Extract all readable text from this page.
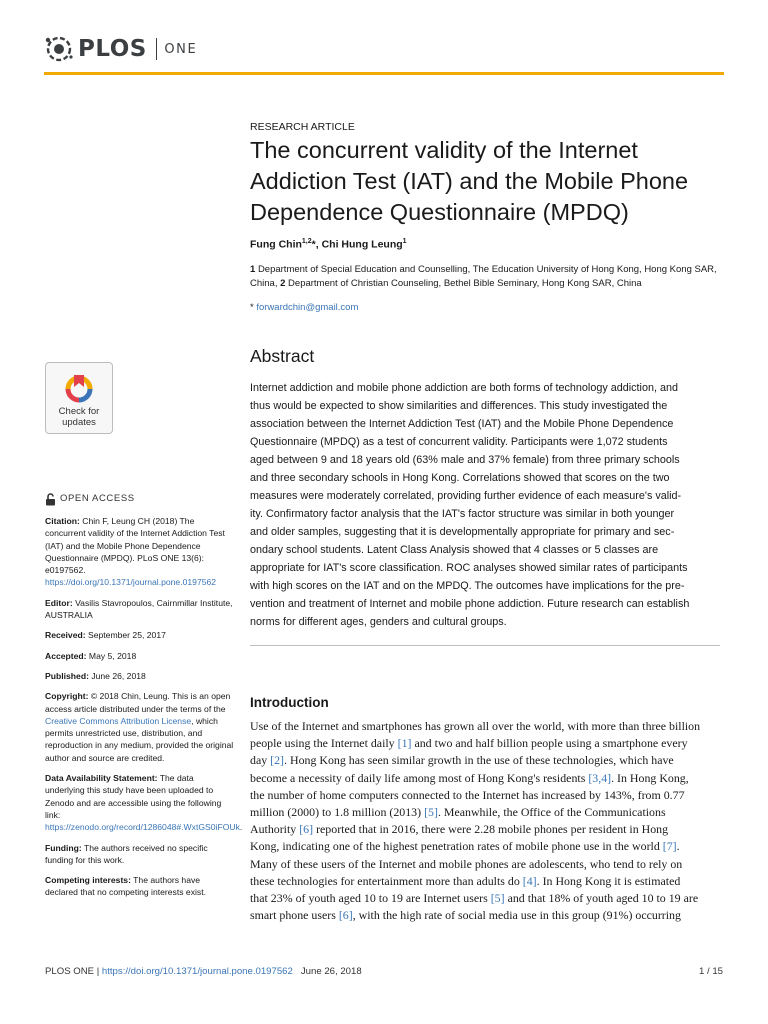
PLOS ONE
RESEARCH ARTICLE
The concurrent validity of the Internet Addiction Test (IAT) and the Mobile Phone Dependence Questionnaire (MPDQ)
Fung Chin$^{1,2}$*, Chi Hung Leung$^1$
1 Department of Special Education and Counselling, The Education University of Hong Kong, Hong Kong SAR, China, 2 Department of Christian Counseling, Bethel Bible Seminary, Hong Kong SAR, China
* forwardchin@gmail.com
Abstract
Internet addiction and mobile phone addiction are both forms of technology addiction, and
thus would be expected to show similarities and differences. This study investigated the
association between the Internet Addiction Test (IAT) and the Mobile Phone Dependence
Questionnaire (MPDQ) as a test of concurrent validity. Participants were 1,072 students
aged between 9 and 18 years old (63% male and 37% female) from three primary schools
and three secondary schools in Hong Kong. Correlations showed that scores on the two
measures were moderately correlated, providing further evidence of each measure's valid-
ity. Confirmatory factor analysis that the IAT's factor structure was similar in both younger
and older samples, suggesting that it is developmentally appropriate for primary and sec-
ondary school students. Latent Class Analysis showed that 4 classes or 5 classes are
appropriate for IAT's score classification. ROC analyses showed similar rates of participants
with high scores on the IAT and on the MPDQ. The outcomes have implications for the pre-
vention and treatment of Internet and mobile phone addiction. Future research can establish
norms for different ages, genders and cultural groups.
Introduction
Use of the Internet and smartphones has grown all over the world, with more than three billion
people using the Internet daily [1] and two and half billion people using a smartphone every
day [2]. Hong Kong has seen similar growth in the use of these technologies, which have
become a necessity of daily life among most of Hong Kong's residents [3,4]. In Hong Kong,
the number of home computers connected to the Internet has increased by 143%, from 0.77
million (2000) to 1.8 million (2013) [5]. Meanwhile, the Office of the Communications
Authority [6] reported that in 2016, there were 2.28 mobile phones per resident in Hong
Kong, indicating one of the highest penetration rates of mobile phone use in the world [7].
Many of these users of the Internet and mobile phones are adolescents, who tend to rely on
these technologies for entertainment more than adults do [4]. In Hong Kong it is estimated
that 23% of youth aged 10 to 19 are Internet users [5] and that 18% of youth aged 10 to 19 are
smart phone users [6], with the high rate of social media use in this group (91%) occurring
Check for
updates
OPEN ACCESS
Citation: Chin F, Leung CH (2018) The concurrent validity of the Internet Addiction Test (IAT) and the Mobile Phone Dependence Questionnaire (MPDQ). PLoS ONE 13(6): e0197562. https://doi.org/10.1371/journal.pone.0197562
Editor: Vasilis Stavropoulos, Cairnmillar Institute, AUSTRALIA
Received: September 25, 2017
Accepted: May 5, 2018
Published: June 26, 2018
Copyright: © 2018 Chin, Leung. This is an open access article distributed under the terms of the Creative Commons Attribution License, which permits unrestricted use, distribution, and reproduction in any medium, provided the original author and source are credited.
Data Availability Statement: The data underlying this study have been uploaded to Zenodo and are accessible using the following link: https://zenodo.org/record/1286048#.WxtGS0iFOUk.
Funding: The authors received no specific funding for this work.
Competing interests: The authors have declared that no competing interests exist.
PLOS ONE | https://doi.org/10.1371/journal.pone.0197562 June 26, 2018	1 / 15
